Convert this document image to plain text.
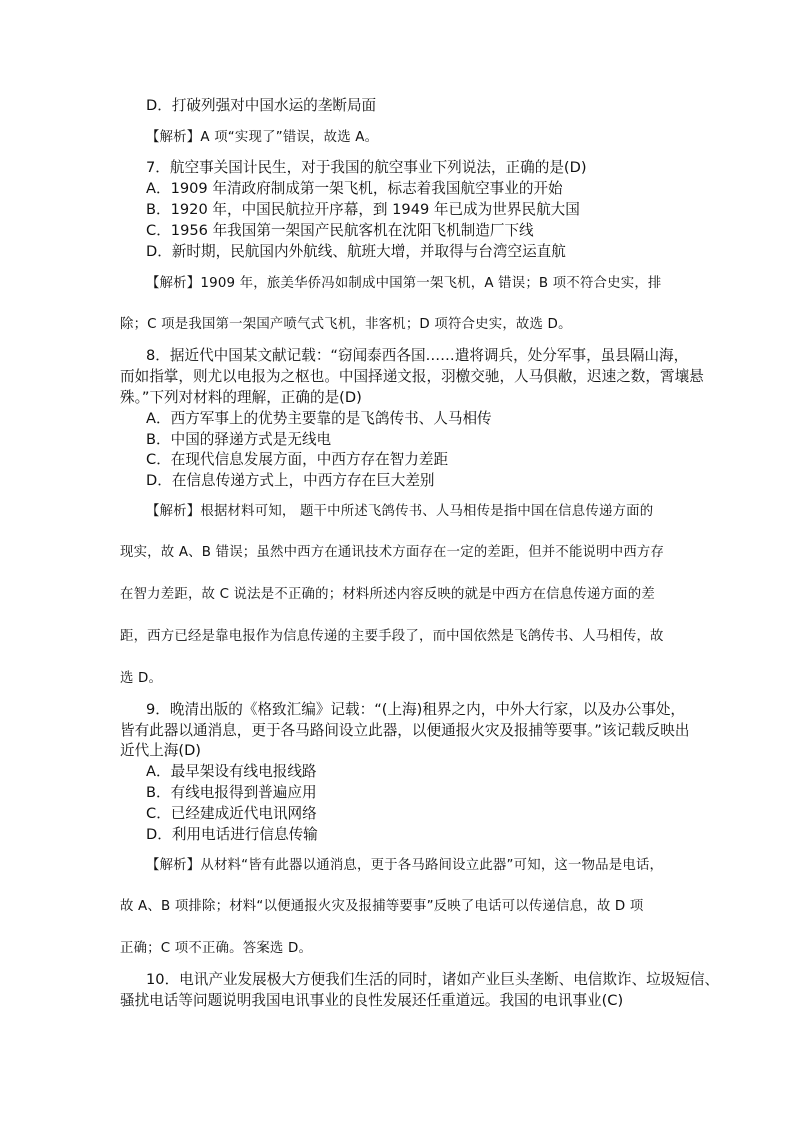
D．打破列强对中国水运的垄断局面
【解析】A 项“实现了”错误，故选 A。
7．航空事关国计民生，对于我国的航空事业下列说法，正确的是(D)
A．1909 年清政府制成第一架飞机，标志着我国航空事业的开始
B．1920 年，中国民航拉开序幕，到 1949 年已成为世界民航大国
C．1956 年我国第一架国产民航客机在沈阳飞机制造厂下线
D．新时期，民航国内外航线、航班大增，并取得与台湾空运直航
【解析】1909 年，旅美华侨冯如制成中国第一架飞机，A 错误；B 项不符合史实，排
除；C 项是我国第一架国产喷气式飞机，非客机；D 项符合史实，故选 D。
8．据近代中国某文献记载：“窃闻泰西各国……遣将调兵，处分军事，虽县隔山海，
而如指掌，则尤以电报为之枢也。中国择递文报，羽檄交驰，人马俱敝，迟速之数，霄壤悬
殊。”下列对材料的理解，正确的是(D)
A．西方军事上的优势主要靠的是飞鸽传书、人马相传
B．中国的驿递方式是无线电
C．在现代信息发展方面，中西方存在智力差距
D．在信息传递方式上，中西方存在巨大差别
【解析】根据材料可知， 题干中所述飞鸽传书、人马相传是指中国在信息传递方面的
现实，故 A、B 错误；虽然中西方在通讯技术方面存在一定的差距，但并不能说明中西方存
在智力差距，故 C 说法是不正确的；材料所述内容反映的就是中西方在信息传递方面的差
距，西方已经是靠电报作为信息传递的主要手段了，而中国依然是飞鸽传书、人马相传，故
选 D。
9．晚清出版的《格致汇编》记载：“(上海)租界之内，中外大行家，以及办公事处，
皆有此器以通消息，更于各马路间设立此器，以便通报火灾及报捕等要事。”该记载反映出
近代上海(D)
A．最早架设有线电报线路
B．有线电报得到普遍应用
C．已经建成近代电讯网络
D．利用电话进行信息传输
【解析】从材料“皆有此器以通消息，更于各马路间设立此器”可知，这一物品是电话，
故 A、B 项排除；材料“以便通报火灾及报捕等要事”反映了电话可以传递信息，故 D 项
正确；C 项不正确。答案选 D。
10．电讯产业发展极大方便我们生活的同时，诸如产业巨头垄断、电信欺诈、垃圾短信、
骚扰电话等问题说明我国电讯事业的良性发展还任重道远。我国的电讯事业(C)
